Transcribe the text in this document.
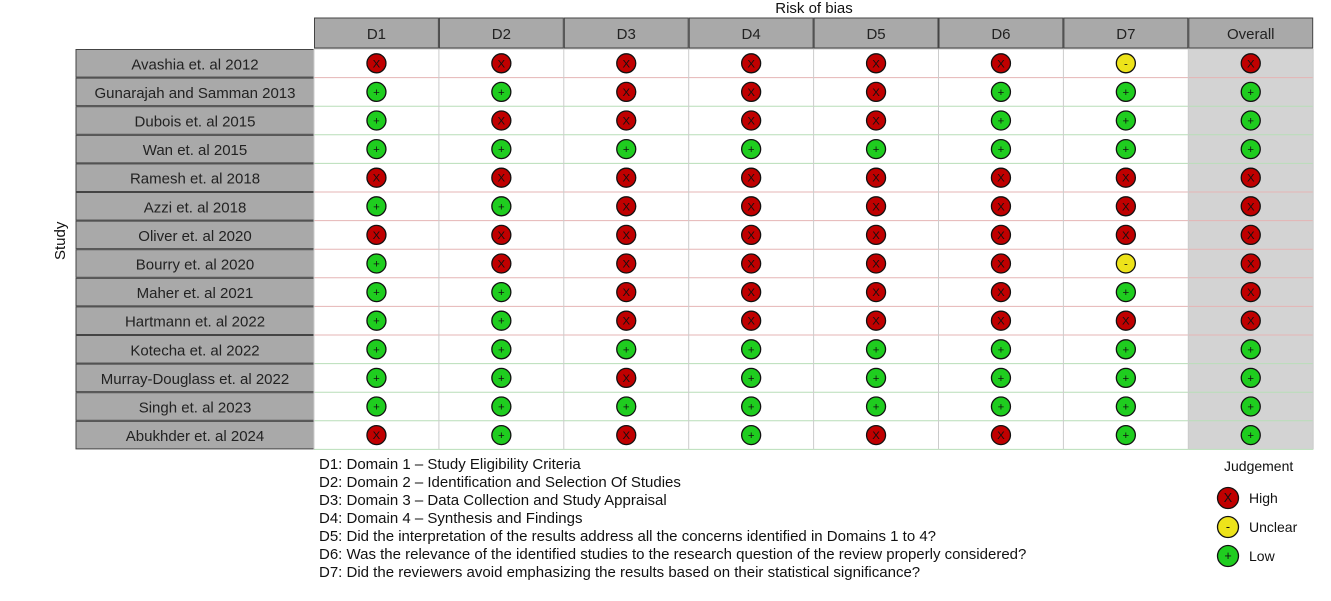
Risk of bias
Study
D1	D2	D3	D4	D5	D6	D7	Overall
Avashia et. al 2012	X	X	X	X	X	X	-	X
Gunarajah and Samman 2013	+	+	X	X	X	+	+	+
Dubois et. al 2015	+	X	X	X	X	+	+	+
Wan et. al 2015	+	+	+	+	+	+	+	+
Ramesh et. al 2018	X	X	X	X	X	X	X	X
Azzi et. al 2018	+	+	X	X	X	X	X	X
Oliver et. al 2020	X	X	X	X	X	X	X	X
Bourry et. al 2020	+	X	X	X	X	X	-	X
Maher et. al 2021	+	+	X	X	X	X	+	X
Hartmann et. al 2022	+	+	X	X	X	X	X	X
Kotecha et. al 2022	+	+	+	+	+	+	+	+
Murray-Douglass et. al 2022	+	+	X	+	+	+	+	+
Singh et. al 2023	+	+	+	+	+	+	+	+
Abukhder et. al 2024	X	+	X	+	X	X	+	+
D1: Domain 1 – Study Eligibility Criteria
D2: Domain 2 – Identification and Selection Of Studies
D3: Domain 3 – Data Collection and Study Appraisal
D4: Domain 4 – Synthesis and Findings
D5: Did the interpretation of the results address all the concerns identified in Domains 1 to 4?
D6: Was the relevance of the identified studies to the research question of the review properly considered?
D7: Did the reviewers avoid emphasizing the results based on their statistical significance?
Judgement
X High
- Unclear
+ Low
